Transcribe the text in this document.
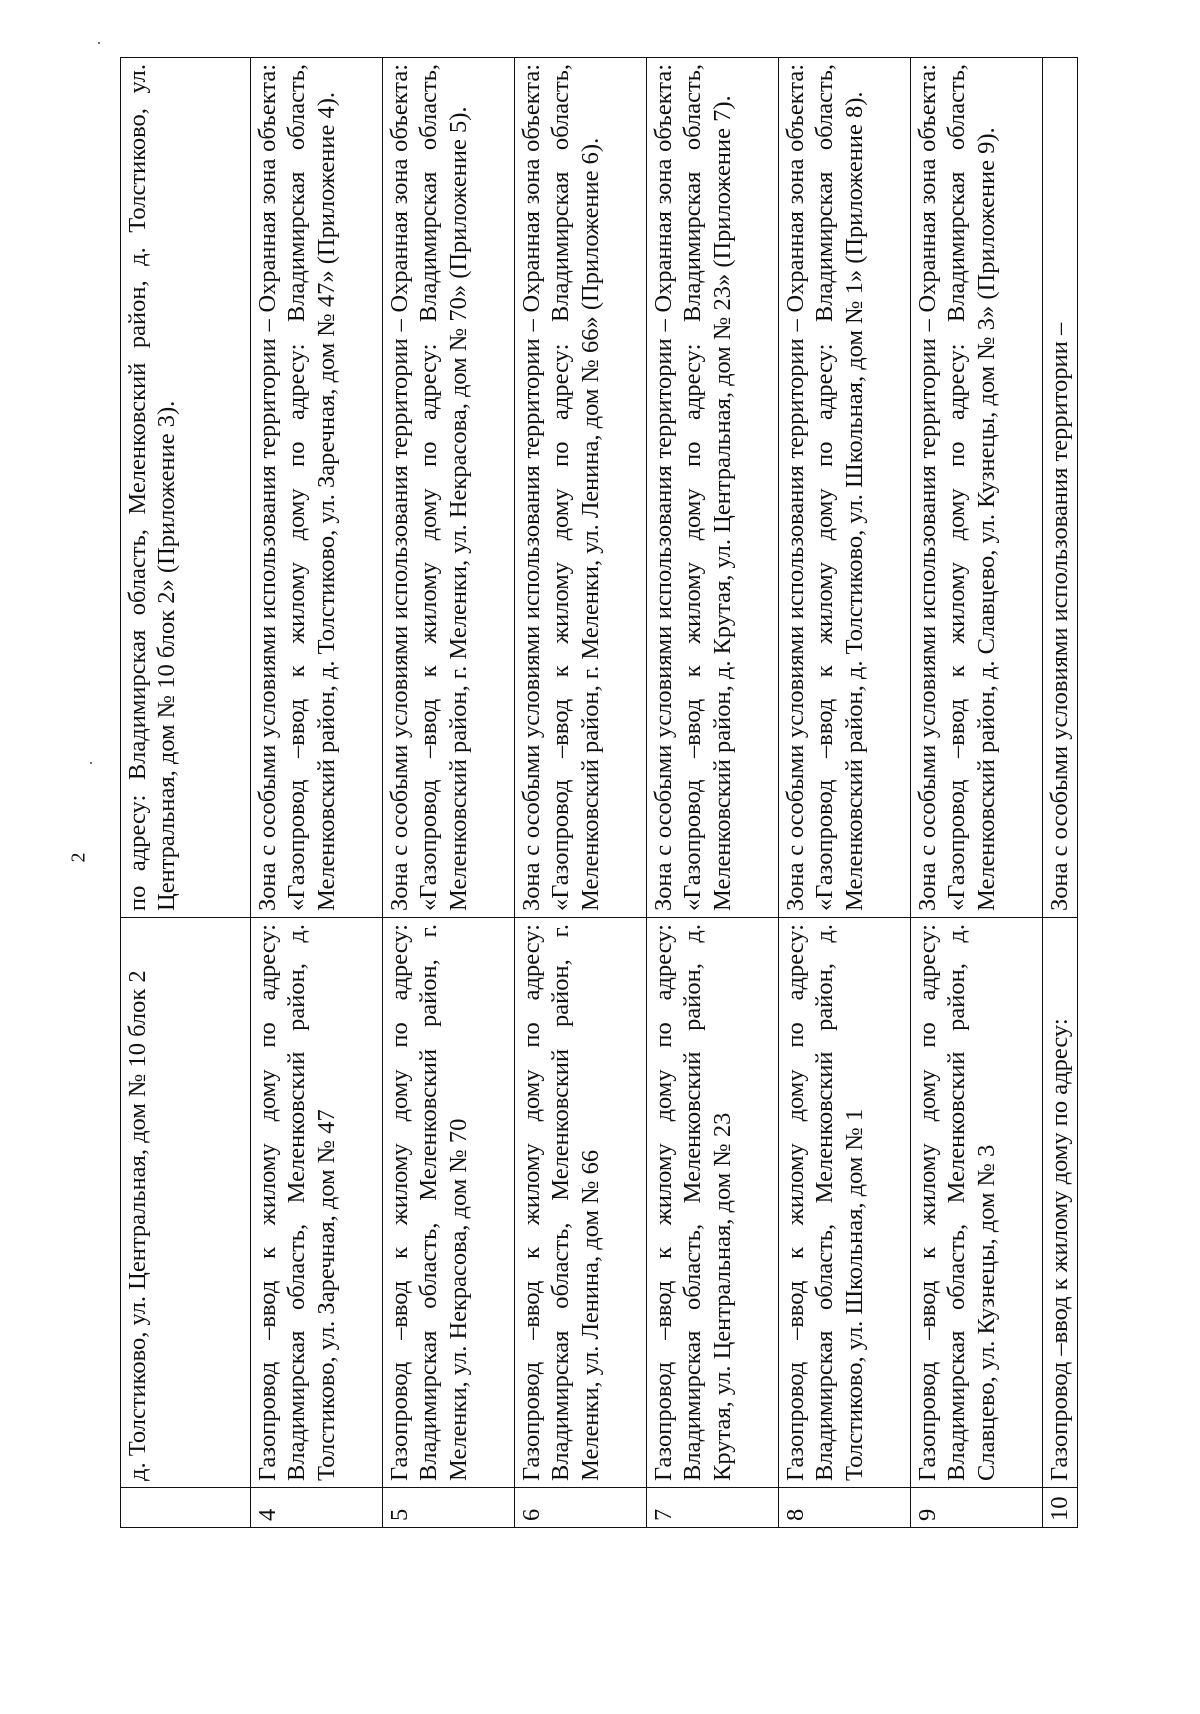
2
	д. Толстиково, ул. Центральная, дом № 10 блок 2	по адресу: Владимирская область, Меленковский район, д. Толстиково, ул. Центральная, дом № 10 блок 2» (Приложение 3).
4	Газопровод –ввод к жилому дому по адресу: Владимирская область, Меленковский район, д. Толстиково, ул. Заречная, дом № 47	Зона с особыми условиями использования территории – Охранная зона объекта: «Газопровод –ввод к жилому дому по адресу: Владимирская область, Меленковский район, д. Толстиково, ул. Заречная, дом № 47» (Приложение 4).
5	Газопровод –ввод к жилому дому по адресу: Владимирская область, Меленковский район, г. Меленки, ул. Некрасова, дом № 70	Зона с особыми условиями использования территории – Охранная зона объекта: «Газопровод –ввод к жилому дому по адресу: Владимирская область, Меленковский район, г. Меленки, ул. Некрасова, дом № 70» (Приложение 5).
6	Газопровод –ввод к жилому дому по адресу: Владимирская область, Меленковский район, г. Меленки, ул. Ленина, дом № 66	Зона с особыми условиями использования территории – Охранная зона объекта: «Газопровод –ввод к жилому дому по адресу: Владимирская область, Меленковский район, г. Меленки, ул. Ленина, дом № 66» (Приложение 6).
7	Газопровод –ввод к жилому дому по адресу: Владимирская область, Меленковский район, д. Крутая, ул. Центральная, дом № 23	Зона с особыми условиями использования территории – Охранная зона объекта: «Газопровод –ввод к жилому дому по адресу: Владимирская область, Меленковский район, д. Крутая, ул. Центральная, дом № 23» (Приложение 7).
8	Газопровод –ввод к жилому дому по адресу: Владимирская область, Меленковский район, д. Толстиково, ул. Школьная, дом № 1	Зона с особыми условиями использования территории – Охранная зона объекта: «Газопровод –ввод к жилому дому по адресу: Владимирская область, Меленковский район, д. Толстиково, ул. Школьная, дом № 1» (Приложение 8).
9	Газопровод –ввод к жилому дому по адресу: Владимирская область, Меленковский район, д. Славцево, ул. Кузнецы, дом № 3	Зона с особыми условиями использования территории – Охранная зона объекта: «Газопровод –ввод к жилому дому по адресу: Владимирская область, Меленковский район, д. Славцево, ул. Кузнецы, дом № 3» (Приложение 9).
10	Газопровод –ввод к жилому дому по адресу:	Зона с особыми условиями использования территории –
